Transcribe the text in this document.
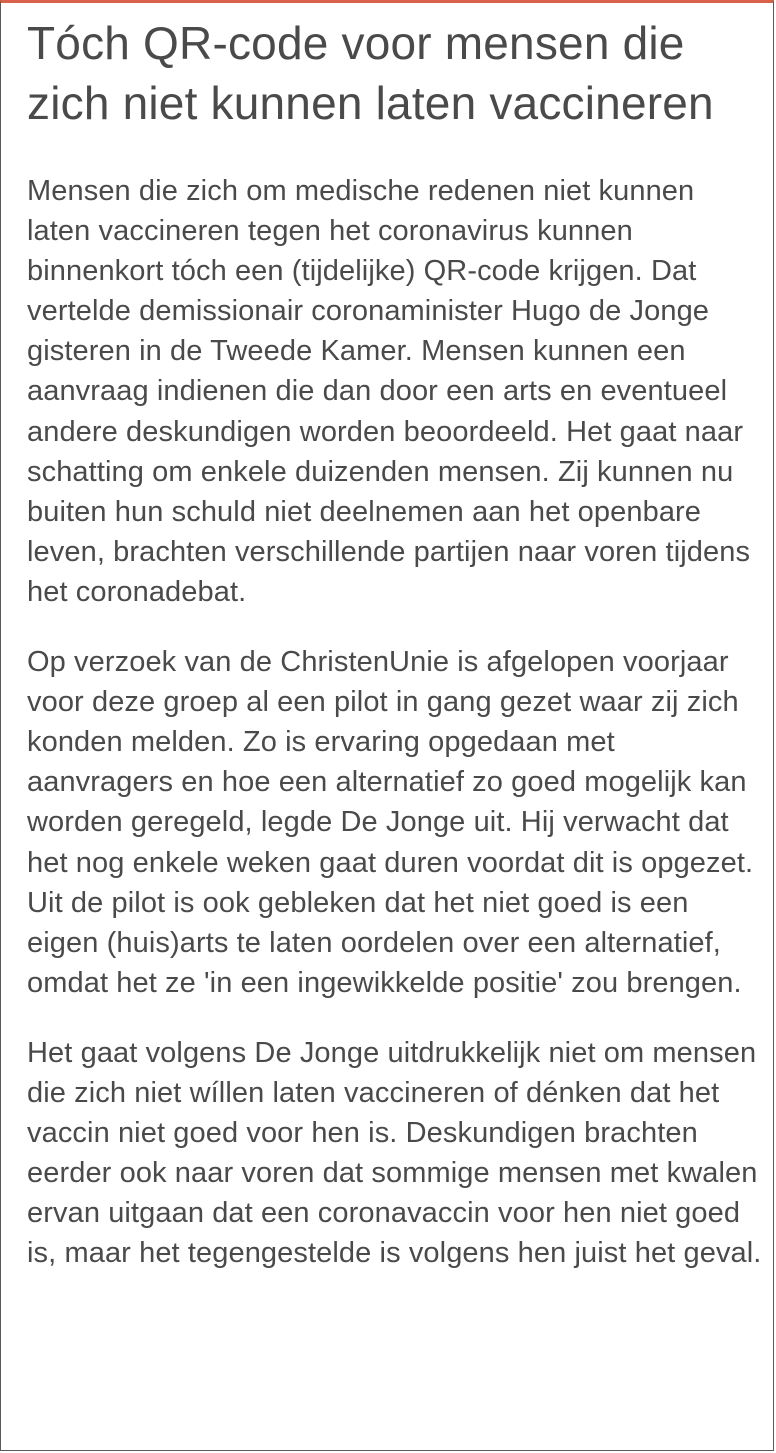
Tóch QR-code voor mensen die zich niet kunnen laten vaccineren

Mensen die zich om medische redenen niet kunnen laten vaccineren tegen het coronavirus kunnen binnenkort tóch een (tijdelijke) QR-code krijgen. Dat vertelde demissionair coronaminister Hugo de Jonge gisteren in de Tweede Kamer. Mensen kunnen een aanvraag indienen die dan door een arts en eventueel andere deskundigen worden beoordeeld. Het gaat naar schatting om enkele duizenden mensen. Zij kunnen nu buiten hun schuld niet deelnemen aan het openbare leven, brachten verschillende partijen naar voren tijdens het coronadebat.

Op verzoek van de ChristenUnie is afgelopen voorjaar voor deze groep al een pilot in gang gezet waar zij zich konden melden. Zo is ervaring opgedaan met aanvragers en hoe een alternatief zo goed mogelijk kan worden geregeld, legde De Jonge uit. Hij verwacht dat het nog enkele weken gaat duren voordat dit is opgezet. Uit de pilot is ook gebleken dat het niet goed is een eigen (huis)arts te laten oordelen over een alternatief, omdat het ze 'in een ingewikkelde positie' zou brengen.

Het gaat volgens De Jonge uitdrukkelijk niet om mensen die zich niet wíllen laten vaccineren of dénken dat het vaccin niet goed voor hen is. Deskundigen brachten eerder ook naar voren dat sommige mensen met kwalen ervan uitgaan dat een coronavaccin voor hen niet goed is, maar het tegengestelde is volgens hen juist het geval.
